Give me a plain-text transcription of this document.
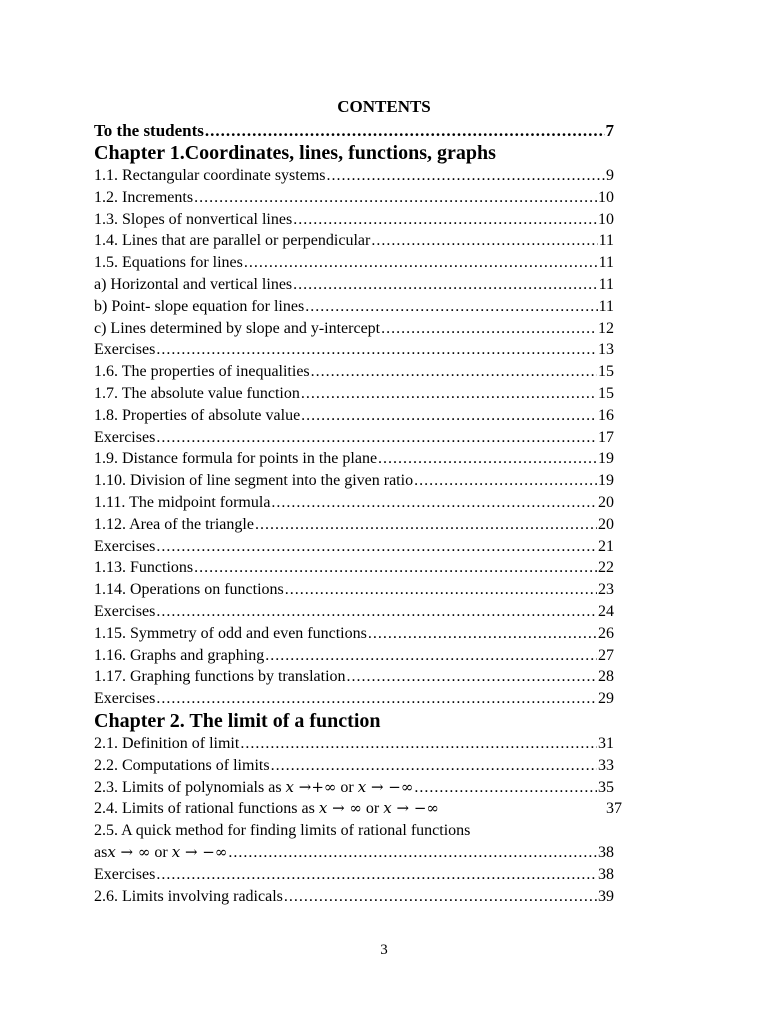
CONTENTS
To the students .....	7
Chapter 1.Coordinates, lines, functions, graphs
1.1. Rectangular coordinate systems .....	9
1.2. Increments .....	10
1.3. Slopes of nonvertical lines .....	10
1.4. Lines that are parallel or perpendicular .....	11
1.5. Equations for lines .....	11
a) Horizontal and vertical lines .....	11
b) Point- slope equation for lines .....	11
c) Lines determined by slope and y-intercept .....	12
Exercises .....	13
1.6. The properties of inequalities .....	15
1.7. The absolute value function .....	15
1.8. Properties of absolute value .....	16
Exercises .....	17
1.9. Distance formula for points in the plane .....	19
1.10. Division of line segment into the given ratio .....	19
1.11. The midpoint formula .....	20
1.12. Area of the triangle .....	20
Exercises .....	21
1.13. Functions .....	22
1.14. Operations on functions .....	23
Exercises .....	24
1.15. Symmetry of odd and even functions .....	26
1.16. Graphs and graphing .....	27
1.17. Graphing functions by translation .....	28
Exercises .....	29
Chapter 2. The limit of a function
2.1. Definition of limit .....	31
2.2. Computations of limits .....	33
2.3. Limits of polynomials as
x →+∞
or
x → −∞ .....	35
2.4. Limits of rational functions as
x → ∞
or
x → −∞	37
2.5. A quick method for finding limits of rational functions
as x → ∞
or
x → −∞ .....	38
Exercises .....	38
2.6. Limits involving radicals .....	39
3
